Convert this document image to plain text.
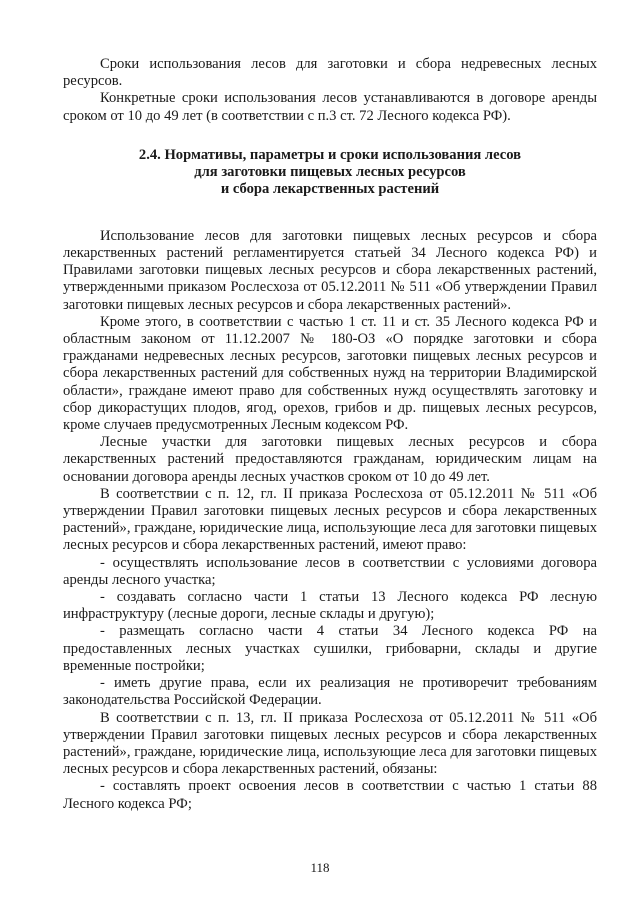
Сроки использования лесов для заготовки и сбора недревесных лесных ресурсов.

Конкретные сроки использования лесов устанавливаются в договоре аренды сроком от 10 до 49 лет (в соответствии с п.3 ст. 72 Лесного кодекса РФ).

2.4. Нормативы, параметры и сроки использования лесов
для заготовки пищевых лесных ресурсов
и сбора лекарственных растений

Использование лесов для заготовки пищевых лесных ресурсов и сбора лекарственных растений регламентируется статьей 34 Лесного кодекса РФ) и Правилами заготовки пищевых лесных ресурсов и сбора лекарственных растений, утвержденными приказом Рослесхоза от 05.12.2011 № 511 «Об утверждении Правил заготовки пищевых лесных ресурсов и сбора лекарственных растений».

Кроме этого, в соответствии с частью 1 ст. 11 и ст. 35 Лесного кодекса РФ и областным законом от 11.12.2007 № 180-ОЗ «О порядке заготовки и сбора гражданами недревесных лесных ресурсов, заготовки пищевых лесных ресурсов и сбора лекарственных растений для собственных нужд на территории Владимирской области», граждане имеют право для собственных нужд осуществлять заготовку и сбор дикорастущих плодов, ягод, орехов, грибов и др. пищевых лесных ресурсов, кроме случаев предусмотренных Лесным кодексом РФ.

Лесные участки для заготовки пищевых лесных ресурсов и сбора лекарственных растений предоставляются гражданам, юридическим лицам на основании договора аренды лесных участков сроком от 10 до 49 лет.

В соответствии с п. 12, гл. II приказа Рослесхоза от 05.12.2011 № 511 «Об утверждении Правил заготовки пищевых лесных ресурсов и сбора лекарственных растений», граждане, юридические лица, использующие леса для заготовки пищевых лесных ресурсов и сбора лекарственных растений, имеют право:

- осуществлять использование лесов в соответствии с условиями договора аренды лесного участка;

- создавать согласно части 1 статьи 13 Лесного кодекса РФ лесную инфраструктуру (лесные дороги, лесные склады и другую);

- размещать согласно части 4 статьи 34 Лесного кодекса РФ на предоставленных лесных участках сушилки, грибоварни, склады и другие временные постройки;

- иметь другие права, если их реализация не противоречит требованиям законодательства Российской Федерации.

В соответствии с п. 13, гл. II приказа Рослесхоза от 05.12.2011 № 511 «Об утверждении Правил заготовки пищевых лесных ресурсов и сбора лекарственных растений», граждане, юридические лица, использующие леса для заготовки пищевых лесных ресурсов и сбора лекарственных растений, обязаны:

- составлять проект освоения лесов в соответствии с частью 1 статьи 88 Лесного кодекса РФ;

118
